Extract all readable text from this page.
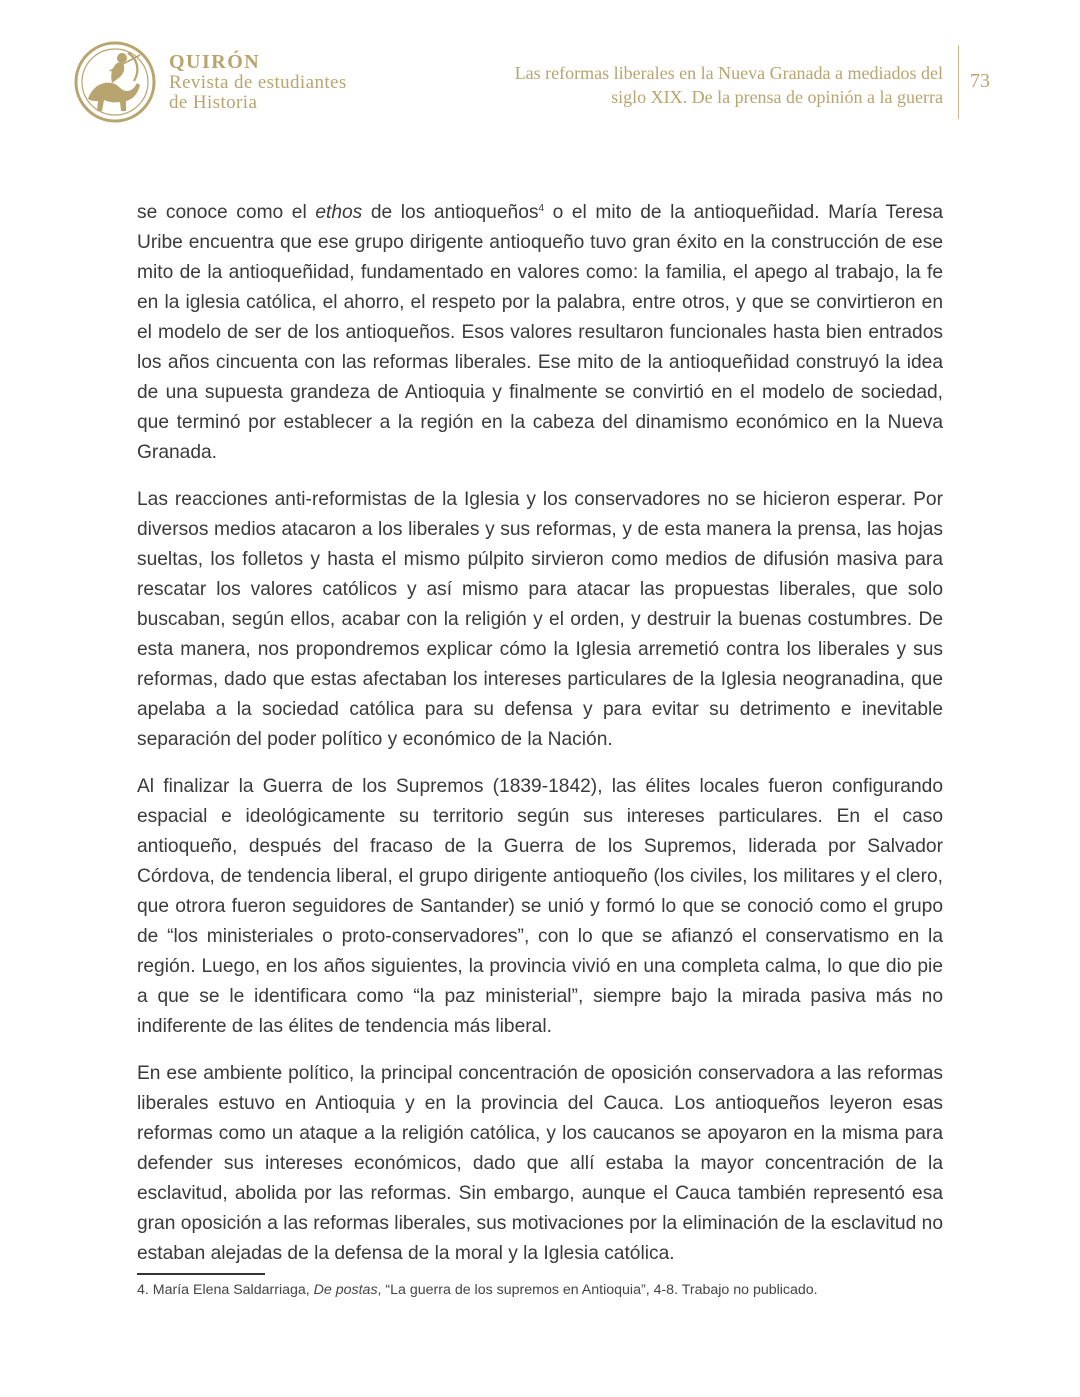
QUIRÓN
Revista de estudiantes
de Historia
Las reformas liberales en la Nueva Granada a mediados del
siglo XIX. De la prensa de opinión a la guerra
73

se conoce como el ethos de los antioqueños$^4$ o el mito de la antioqueñidad. María Teresa Uribe encuentra que ese grupo dirigente antioqueño tuvo gran éxito en la construcción de ese mito de la antioqueñidad, fundamentado en valores como: la familia, el apego al trabajo, la fe en la iglesia católica, el ahorro, el respeto por la palabra, entre otros, y que se convirtieron en el modelo de ser de los antioqueños. Esos valores resultaron funcionales hasta bien entrados los años cincuenta con las reformas liberales. Ese mito de la antioqueñidad construyó la idea de una supuesta grandeza de Antioquia y finalmente se convirtió en el modelo de sociedad, que terminó por establecer a la región en la cabeza del dinamismo económico en la Nueva Granada.

Las reacciones anti-reformistas de la Iglesia y los conservadores no se hicieron esperar. Por diversos medios atacaron a los liberales y sus reformas, y de esta manera la prensa, las hojas sueltas, los folletos y hasta el mismo púlpito sirvieron como medios de difusión masiva para rescatar los valores católicos y así mismo para atacar las propuestas liberales, que solo buscaban, según ellos, acabar con la religión y el orden, y destruir la buenas costumbres. De esta manera, nos propondremos explicar cómo la Iglesia arremetió contra los liberales y sus reformas, dado que estas afectaban los intereses particulares de la Iglesia neogranadina, que apelaba a la sociedad católica para su defensa y para evitar su detrimento e inevitable separación del poder político y económico de la Nación.

Al finalizar la Guerra de los Supremos (1839-1842), las élites locales fueron configurando espacial e ideológicamente su territorio según sus intereses particulares. En el caso antioqueño, después del fracaso de la Guerra de los Supremos, liderada por Salvador Córdova, de tendencia liberal, el grupo dirigente antioqueño (los civiles, los militares y el clero, que otrora fueron seguidores de Santander) se unió y formó lo que se conoció como el grupo de “los ministeriales o proto-conservadores”, con lo que se afianzó el conservatismo en la región. Luego, en los años siguientes, la provincia vivió en una completa calma, lo que dio pie a que se le identificara como “la paz ministerial”, siempre bajo la mirada pasiva más no indiferente de las élites de tendencia más liberal.

En ese ambiente político, la principal concentración de oposición conservadora a las reformas liberales estuvo en Antioquia y en la provincia del Cauca. Los antioqueños leyeron esas reformas como un ataque a la religión católica, y los caucanos se apoyaron en la misma para defender sus intereses económicos, dado que allí estaba la mayor concentración de la esclavitud, abolida por las reformas. Sin embargo, aunque el Cauca también representó esa gran oposición a las reformas liberales, sus motivaciones por la eliminación de la esclavitud no estaban alejadas de la defensa de la moral y la Iglesia católica.

4. María Elena Saldarriaga, De postas, “La guerra de los supremos en Antioquia”, 4-8. Trabajo no publicado.
